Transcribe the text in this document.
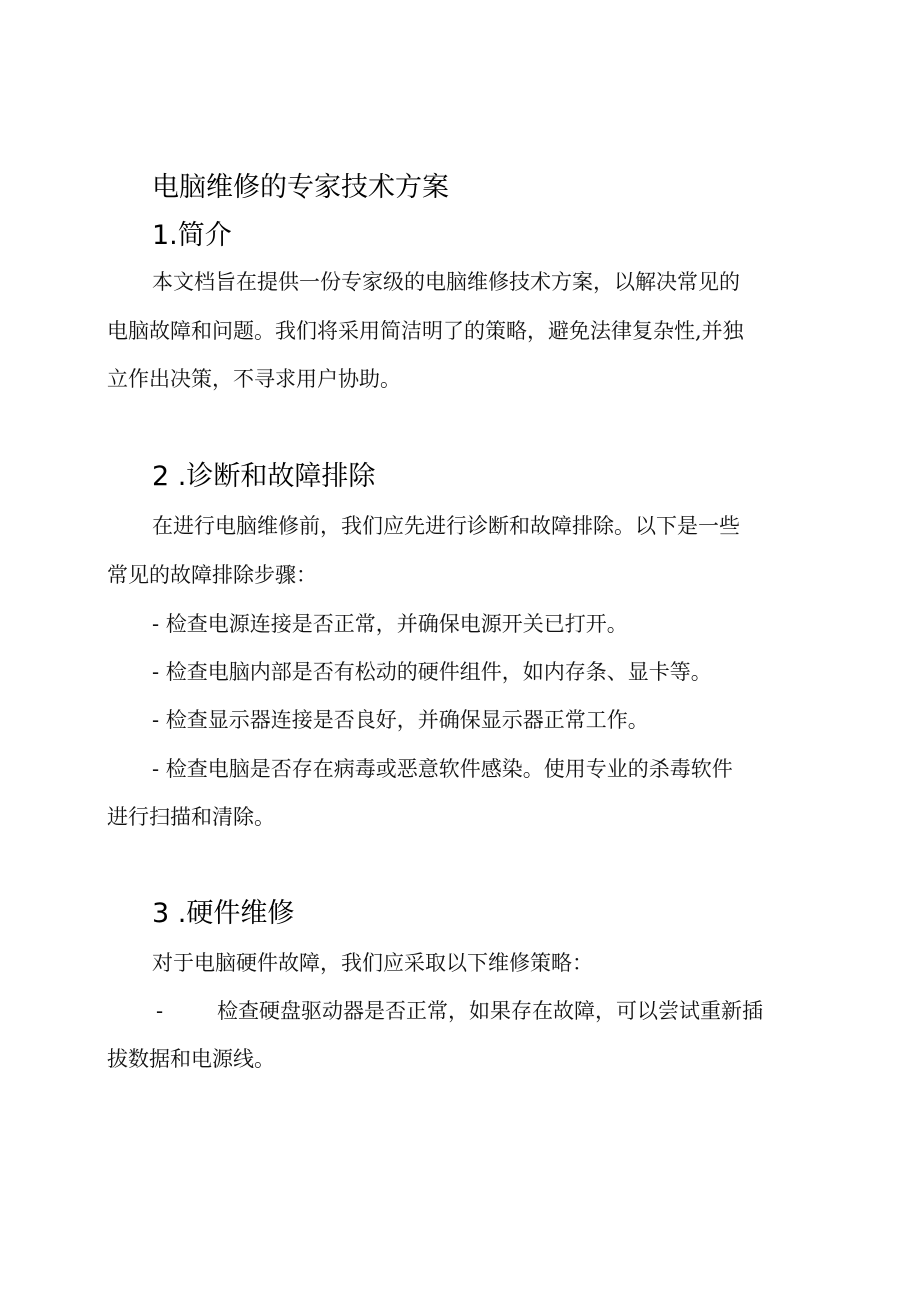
电脑维修的专家技术方案
1.简介
本文档旨在提供一份专家级的电脑维修技术方案，以解决常见的
电脑故障和问题。我们将采用简洁明了的策略，避免法律复杂性,并独
立作出决策，不寻求用户协助。
2 .诊断和故障排除
在进行电脑维修前，我们应先进行诊断和故障排除。以下是一些
常见的故障排除步骤：
- 检查电源连接是否正常，并确保电源开关已打开。
- 检查电脑内部是否有松动的硬件组件，如内存条、显卡等。
- 检查显示器连接是否良好，并确保显示器正常工作。
- 检查电脑是否存在病毒或恶意软件感染。使用专业的杀毒软件
进行扫描和清除。
3 .硬件维修
对于电脑硬件故障，我们应采取以下维修策略：
-	检查硬盘驱动器是否正常，如果存在故障，可以尝试重新插
拔数据和电源线。
